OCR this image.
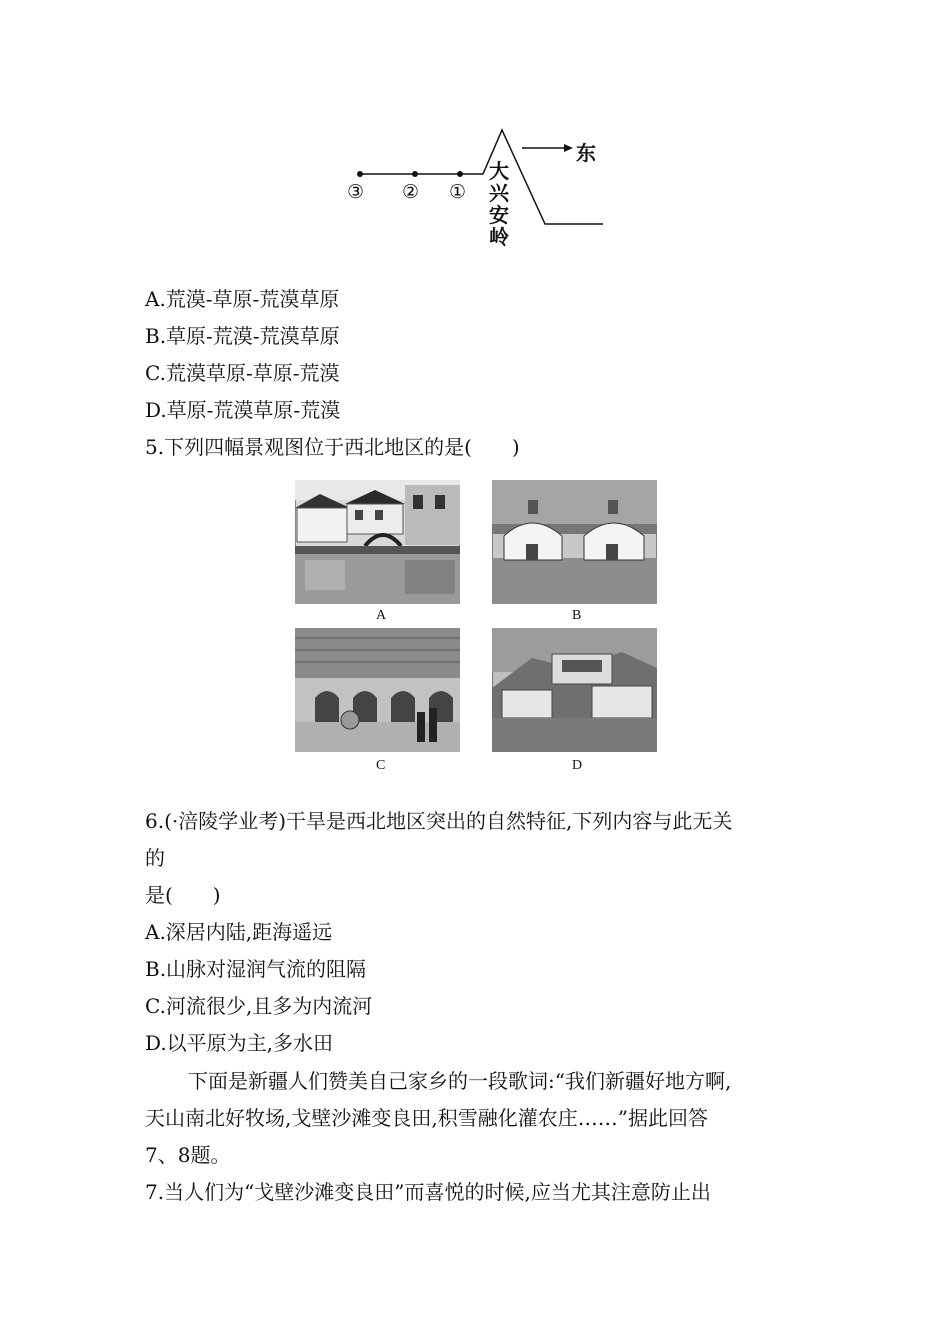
③ ② ①
大
兴
安
岭
东
A.荒漠-草原-荒漠草原
B.草原-荒漠-荒漠草原
C.荒漠草原-草原-荒漠
D.草原-荒漠草原-荒漠
5.下列四幅景观图位于西北地区的是(　　)
A	B
C	D
6.(·涪陵学业考)干旱是西北地区突出的自然特征,下列内容与此无关
的
是(　　)
A.深居内陆,距海遥远
B.山脉对湿润气流的阻隔
C.河流很少,且多为内流河
D.以平原为主,多水田
下面是新疆人们赞美自己家乡的一段歌词:“我们新疆好地方啊,
天山南北好牧场,戈壁沙滩变良田,积雪融化灌农庄……”据此回答
7、8题。
7.当人们为“戈壁沙滩变良田”而喜悦的时候,应当尤其注意防止出
